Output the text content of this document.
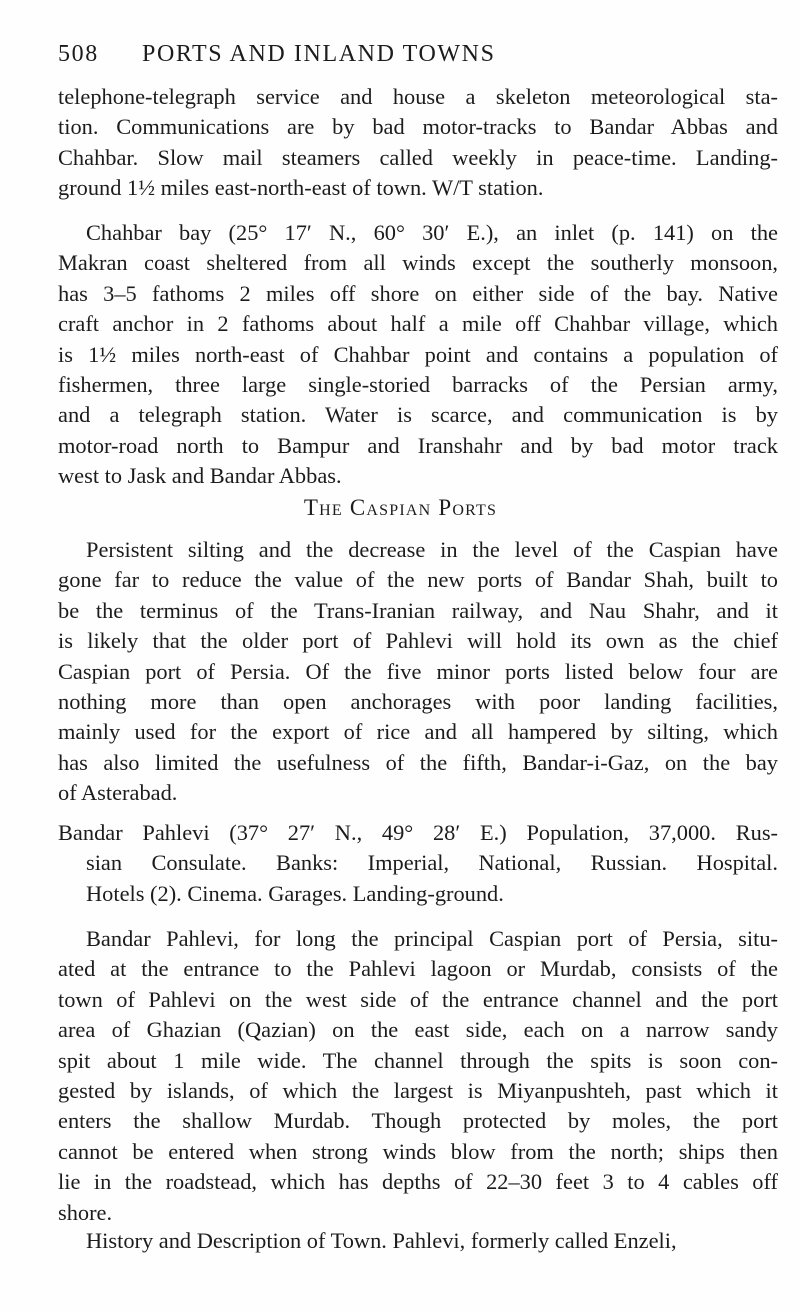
508 PORTS AND INLAND TOWNS
telephone-telegraph service and house a skeleton meteorological sta-
tion. Communications are by bad motor-tracks to Bandar Abbas and
Chahbar. Slow mail steamers called weekly in peace-time. Landing-
ground 1½ miles east-north-east of town. W/T station.
Chahbar bay (25° 17′ N., 60° 30′ E.), an inlet (p. 141) on the
Makran coast sheltered from all winds except the southerly monsoon,
has 3–5 fathoms 2 miles off shore on either side of the bay. Native
craft anchor in 2 fathoms about half a mile off Chahbar village, which
is 1½ miles north-east of Chahbar point and contains a population of
fishermen, three large single-storied barracks of the Persian army,
and a telegraph station. Water is scarce, and communication is by
motor-road north to Bampur and Iranshahr and by bad motor track
west to Jask and Bandar Abbas.
The Caspian Ports
Persistent silting and the decrease in the level of the Caspian have
gone far to reduce the value of the new ports of Bandar Shah, built to
be the terminus of the Trans-Iranian railway, and Nau Shahr, and it
is likely that the older port of Pahlevi will hold its own as the chief
Caspian port of Persia. Of the five minor ports listed below four are
nothing more than open anchorages with poor landing facilities,
mainly used for the export of rice and all hampered by silting, which
has also limited the usefulness of the fifth, Bandar-i-Gaz, on the bay
of Asterabad.
Bandar Pahlevi (37° 27′ N., 49° 28′ E.) Population, 37,000. Rus-
sian Consulate. Banks: Imperial, National, Russian. Hospital.
Hotels (2). Cinema. Garages. Landing-ground.
Bandar Pahlevi, for long the principal Caspian port of Persia, situ-
ated at the entrance to the Pahlevi lagoon or Murdab, consists of the
town of Pahlevi on the west side of the entrance channel and the port
area of Ghazian (Qazian) on the east side, each on a narrow sandy
spit about 1 mile wide. The channel through the spits is soon con-
gested by islands, of which the largest is Miyanpushteh, past which it
enters the shallow Murdab. Though protected by moles, the port
cannot be entered when strong winds blow from the north; ships then
lie in the roadstead, which has depths of 22–30 feet 3 to 4 cables off
shore.
History and Description of Town. Pahlevi, formerly called Enzeli,
